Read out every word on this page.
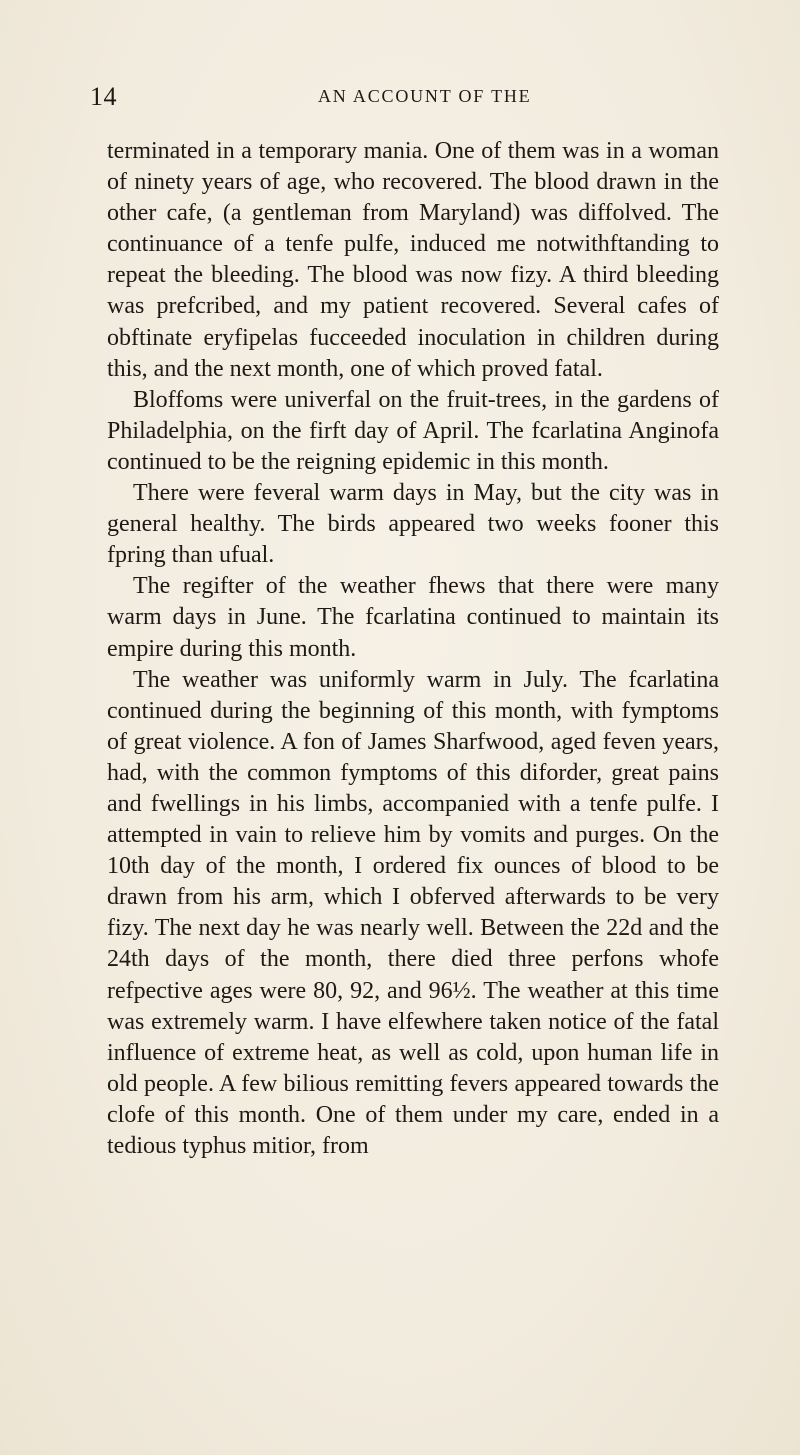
14	AN ACCOUNT OF THE

terminated in a temporary mania. One of them was in a woman of ninety years of age, who recovered. The blood drawn in the other cafe, (a gentleman from Maryland) was diffolved. The continuance of a tenfe pulfe, induced me notwithftanding to repeat the bleeding. The blood was now fizy. A third bleeding was prefcribed, and my patient recovered. Several cafes of obftinate eryfipelas fucceeded inoculation in children during this, and the next month, one of which proved fatal.

Bloffoms were univerfal on the fruit-trees, in the gardens of Philadelphia, on the firft day of April. The fcarlatina Anginofa continued to be the reigning epidemic in this month.

There were feveral warm days in May, but the city was in general healthy. The birds appeared two weeks fooner this fpring than ufual.

The regifter of the weather fhews that there were many warm days in June. The fcarlatina continued to maintain its empire during this month.

The weather was uniformly warm in July. The fcarlatina continued during the beginning of this month, with fymptoms of great violence. A fon of James Sharfwood, aged feven years, had, with the common fymptoms of this diforder, great pains and fwellings in his limbs, accompanied with a tenfe pulfe. I attempted in vain to relieve him by vomits and purges. On the 10th day of the month, I ordered fix ounces of blood to be drawn from his arm, which I obferved afterwards to be very fizy. The next day he was nearly well. Between the 22d and the 24th days of the month, there died three perfons whofe refpective ages were 80, 92, and 96½. The weather at this time was extremely warm. I have elfewhere taken notice of the fatal influence of extreme heat, as well as cold, upon human life in old people. A few bilious remitting fevers appeared towards the clofe of this month. One of them under my care, ended in a tedious typhus mitior, from
